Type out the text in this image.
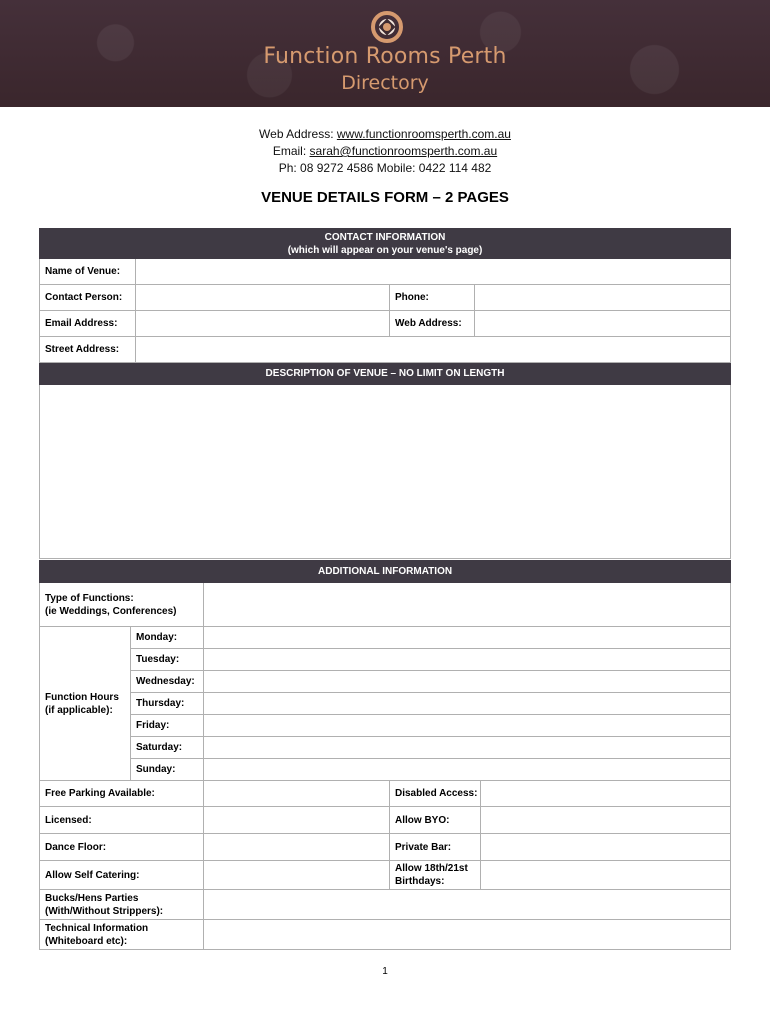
Function Rooms Perth
Directory
Web Address: www.functionroomsperth.com.au
Email: sarah@functionroomsperth.com.au
Ph: 08 9272 4586 Mobile: 0422 114 482
VENUE DETAILS FORM – 2 PAGES
CONTACT INFORMATION
(which will appear on your venue's page)			

Name of Venue:			
Contact Person:		Phone:	
Email Address:		Web Address:	
Street Address:			
DESCRIPTION OF VENUE – NO LIMIT ON LENGTH			

ADDITIONAL INFORMATION				

Type of Functions:
(ie Weddings, Conferences)				

Function Hours
(if applicable):	Monday:			
	Tuesday:			
	Wednesday:			
	Thursday:			
	Friday:			
	Saturday:			
	Sunday:			
Free Parking Available:			Disabled Access:	
Licensed:			Allow BYO:	
Dance Floor:			Private Bar:	
Allow Self Catering:			Allow 18th/21st
Birthdays:	

Bucks/Hens Parties
(With/Without Strippers):				

Technical Information
(Whiteboard etc):				

1
